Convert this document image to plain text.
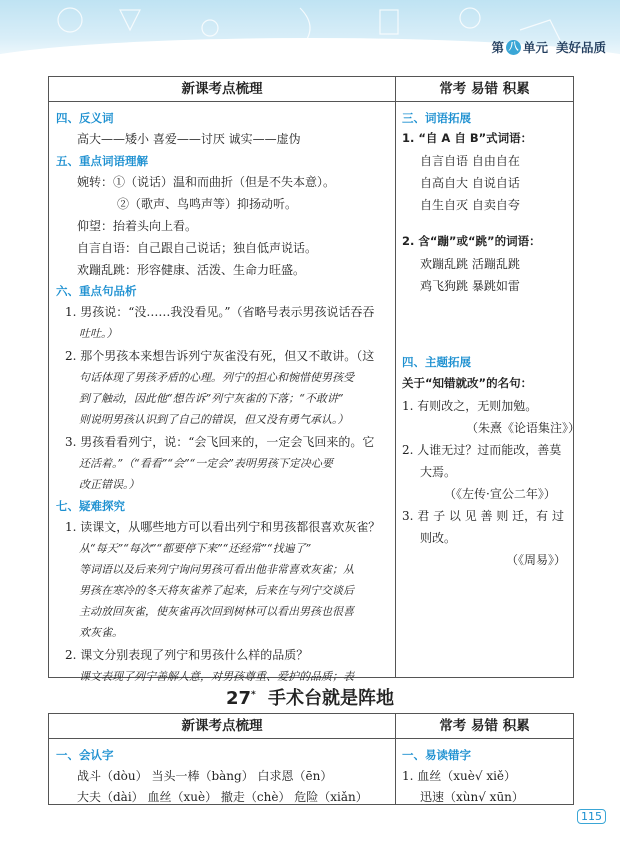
第 八 单元 美好品质
新课考点梳理	常考 易错 积累
四、反义词
高大——矮小 喜爱——讨厌 诚实——虚伪
五、重点词语理解
婉转：①（说话）温和而曲折（但是不失本意）。
②（歌声、鸟鸣声等）抑扬动听。
仰望：抬着头向上看。
自言自语：自己跟自己说话；独自低声说话。
欢蹦乱跳：形容健康、活泼、生命力旺盛。
六、重点句品析
1. 男孩说：“没……我没看见。”（省略号表示男孩说话吞吞
吐吐。）
2. 那个男孩本来想告诉列宁灰雀没有死，但又不敢讲。（这
句话体现了男孩矛盾的心理。列宁的担心和惋惜使男孩受
到了触动，因此他“想告诉”列宁灰雀的下落；“不敢讲”
则说明男孩认识到了自己的错误，但又没有勇气承认。）
3. 男孩看看列宁，说：“会飞回来的，一定会飞回来的。它
还活着。”（“看看”“会”“一定会”表明男孩下定决心要
改正错误。）
七、疑难探究
1. 读课文，从哪些地方可以看出列宁和男孩都很喜欢灰雀？
从“每天”“每次”“都要停下来”“还经常”“找遍了”
等词语以及后来列宁询问男孩可看出他非常喜欢灰雀；从
男孩在寒冷的冬天将灰雀养了起来，后来在与列宁交谈后
主动放回灰雀，使灰雀再次回到树林可以看出男孩也很喜
欢灰雀。
2. 课文分别表现了列宁和男孩什么样的品质？
课文表现了列宁善解人意，对男孩尊重、爱护的品质；表
三、词语拓展
1. “自 A 自 B”式词语：
自言自语 自由自在
自高自大 自说自话
自生自灭 自卖自夸
2. 含“蹦”或“跳”的词语：
欢蹦乱跳 活蹦乱跳
鸡飞狗跳 暴跳如雷
四、主题拓展
关于“知错就改”的名句：
1. 有则改之，无则加勉。
（朱熹《论语集注》）
2. 人谁无过？过而能改，善莫
大焉。
（《左传·宣公二年》）
3. 君 子 以 见 善 则 迁，有 过
则改。
（《周易》）
27* 手术台就是阵地
新课考点梳理	常考 易错 积累
一、会认字
战斗（dòu） 当头一棒（bàng） 白求恩（ēn）
大夫（dài） 血丝（xuè） 撤走（chè） 危险（xiǎn）
一、易读错字
1. 血丝（xuè√ xiě）
迅速（xùn√ xūn）
115
